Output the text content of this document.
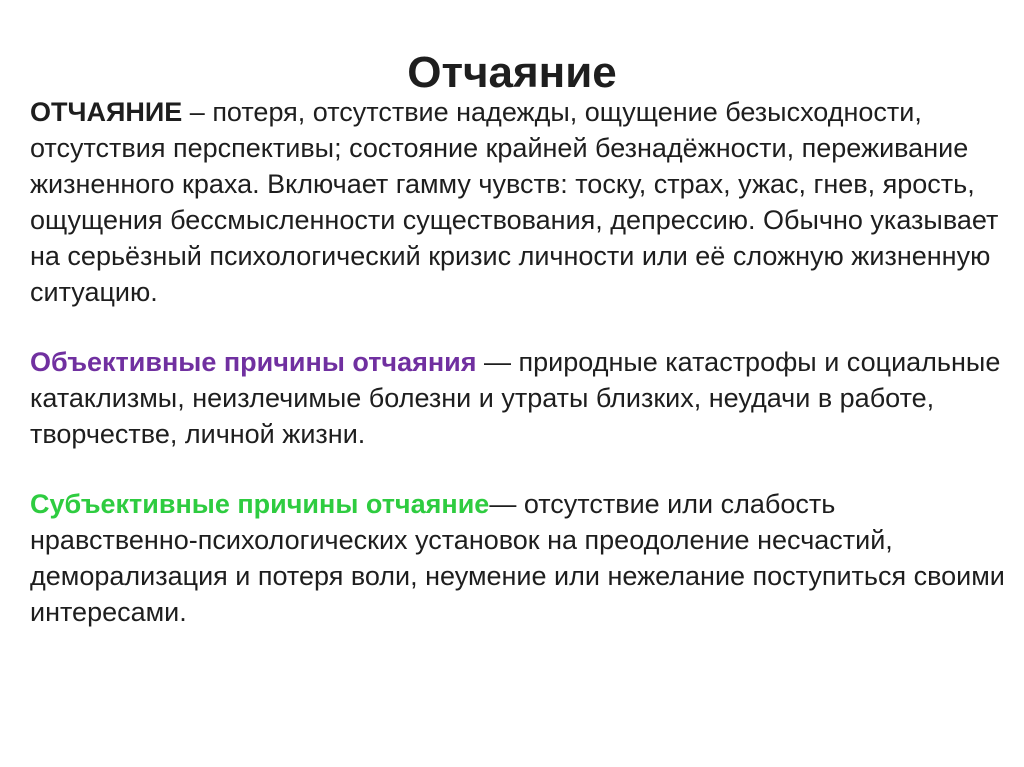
Отчаяние

ОТЧАЯНИЕ – потеря, отсутствие надежды, ощущение безысходности, отсутствия перспективы; состояние крайней безнадёжности, переживание жизненного краха. Включает гамму чувств: тоску, страх, ужас, гнев, ярость, ощущения бессмысленности существования, депрессию. Обычно указывает на серьёзный психологический кризис личности или её сложную жизненную ситуацию.

Объективные причины отчаяния — природные катастрофы и социальные катаклизмы, неизлечимые болезни и утраты близких, неудачи в работе, творчестве, личной жизни.

Субъективные причины отчаяние— отсутствие или слабость нравственно-психологических установок на преодоление несчастий, деморализация и потеря воли, неумение или нежелание поступиться своими интересами.
